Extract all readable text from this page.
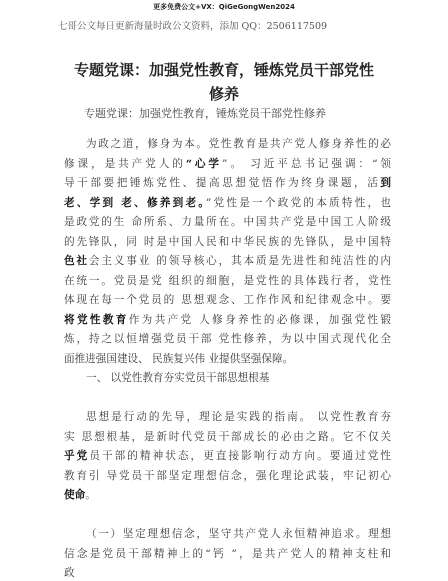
更多免费公文+VX：QiGeGongWen2024
七哥公文每日更新海量时政公文资料，添加 QQ：2506117509
专题党课：加强党性教育，锤炼党员干部党性
修养
专题党课：加强党性教育，锤炼党员干部党性修养
为政之道，修身为本。党性教育是共产党人修身养性的必
修课，是共产党人的“心学”。 习近平总书记强调：“领
导干部要把锤炼党性、提高思想觉悟作为终身课题，活到
老、学到 老、修养到老。”党性是一个政党的本质特性，也
是政党的生 命所系、力量所在。中国共产党是中国工人阶级
的先锋队，同 时是中国人民和中华民族的先锋队，是中国特
色社会主义事业 的领导核心，其本质是先进性和纯洁性的内
在统一。党员是党 组织的细胞，是党性的具体践行者，党性
体现在每一个党员的 思想观念、工作作风和纪律观念中。要
将党性教育作为共产党 人修身养性的必修课，加强党性锻
炼，持之以恒增强党员干部 党性修养，为以中国式现代化全
面推进强国建设、 民族复兴伟 业提供坚强保障。
一、 以党性教育夯实党员干部思想根基
思想是行动的先导，理论是实践的指南。 以党性教育夯
实 思想根基，是新时代党员干部成长的必由之路。它不仅关
乎党员干部的精神状态，更直接影响行动方向。要通过党性
教育引 导党员干部坚定理想信念，强化理论武装，牢记初心
使命。
（一）坚定理想信念，坚守共产党人永恒精神追求。理想
信念是党员干部精神上的“钙 ”，是共产党人的精神支柱和
政
